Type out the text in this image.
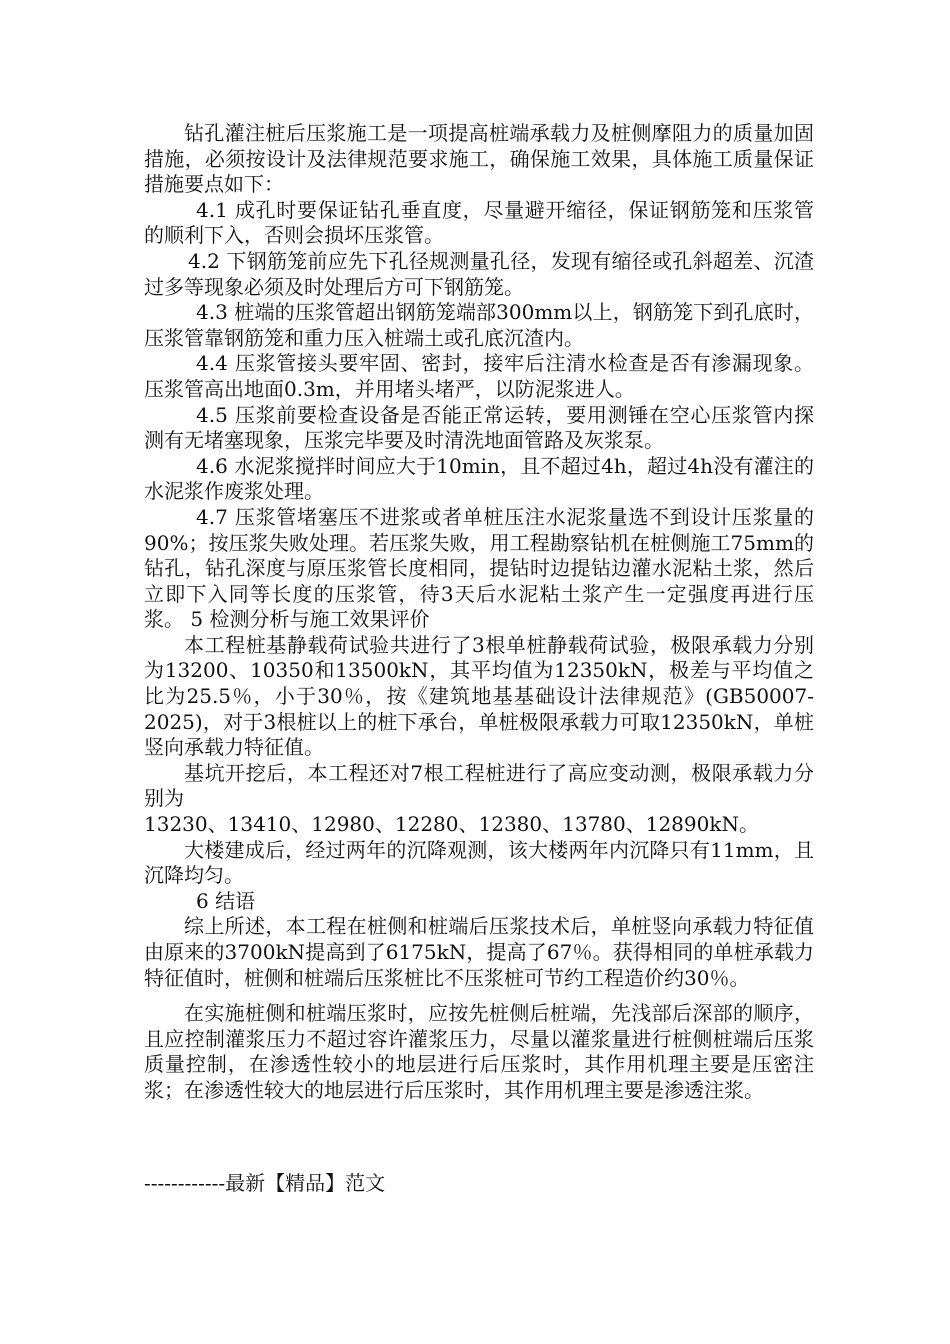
钻孔灌注桩后压浆施工是一项提高桩端承载力及桩侧摩阻力的质量加固措施，必须按设计及法律规范要求施工，确保施工效果，具体施工质量保证措施要点如下：

4.1 成孔时要保证钻孔垂直度，尽量避开缩径，保证钢筋笼和压浆管的顺利下入，否则会损坏压浆管。

4.2 下钢筋笼前应先下孔径规测量孔径，发现有缩径或孔斜超差、沉渣过多等现象必须及时处理后方可下钢筋笼。

4.3 桩端的压浆管超出钢筋笼端部300mm以上，钢筋笼下到孔底时，压浆管靠钢筋笼和重力压入桩端土或孔底沉渣内。

4.4 压浆管接头要牢固、密封，接牢后注清水检查是否有渗漏现象。压浆管高出地面0.3m，并用堵头堵严，以防泥浆进人。

4.5 压浆前要检查设备是否能正常运转，要用测锤在空心压浆管内探测有无堵塞现象，压浆完毕要及时清洗地面管路及灰浆泵。

4.6 水泥浆搅拌时间应大于10min，且不超过4h，超过4h没有灌注的水泥浆作废浆处理。

4.7 压浆管堵塞压不进浆或者单桩压注水泥浆量选不到设计压浆量的90%；按压浆失败处理。若压浆失败，用工程勘察钻机在桩侧施工75mm的钻孔，钻孔深度与原压浆管长度相同，提钻时边提钻边灌水泥粘土浆，然后立即下入同等长度的压浆管，待3天后水泥粘土浆产生一定强度再进行压浆。 5 检测分析与施工效果评价

本工程桩基静载荷试验共进行了3根单桩静载荷试验，极限承载力分别为13200、10350和13500kN，其平均值为12350kN，极差与平均值之比为25.5％，小于30％，按《建筑地基基础设计法律规范》(GB50007-2025)，对于3根桩以上的桩下承台，单桩极限承载力可取12350kN，单桩竖向承载力特征值。

基坑开挖后，本工程还对7根工程桩进行了高应变动测，极限承载力分别为

13230、13410、12980、12280、12380、13780、12890kN。

大楼建成后，经过两年的沉降观测，该大楼两年内沉降只有11mm，且沉降均匀。

6 结语

综上所述，本工程在桩侧和桩端后压浆技术后，单桩竖向承载力特征值由原来的3700kN提高到了6175kN，提高了67％。获得相同的单桩承载力特征值时，桩侧和桩端后压浆桩比不压浆桩可节约工程造价约30％。

在实施桩侧和桩端压浆时，应按先桩侧后桩端，先浅部后深部的顺序，且应控制灌浆压力不超过容许灌浆压力，尽量以灌浆量进行桩侧桩端后压浆质量控制，在渗透性较小的地层进行后压浆时，其作用机理主要是压密注浆；在渗透性较大的地层进行后压浆时，其作用机理主要是渗透注浆。

------------最新【精品】范文
